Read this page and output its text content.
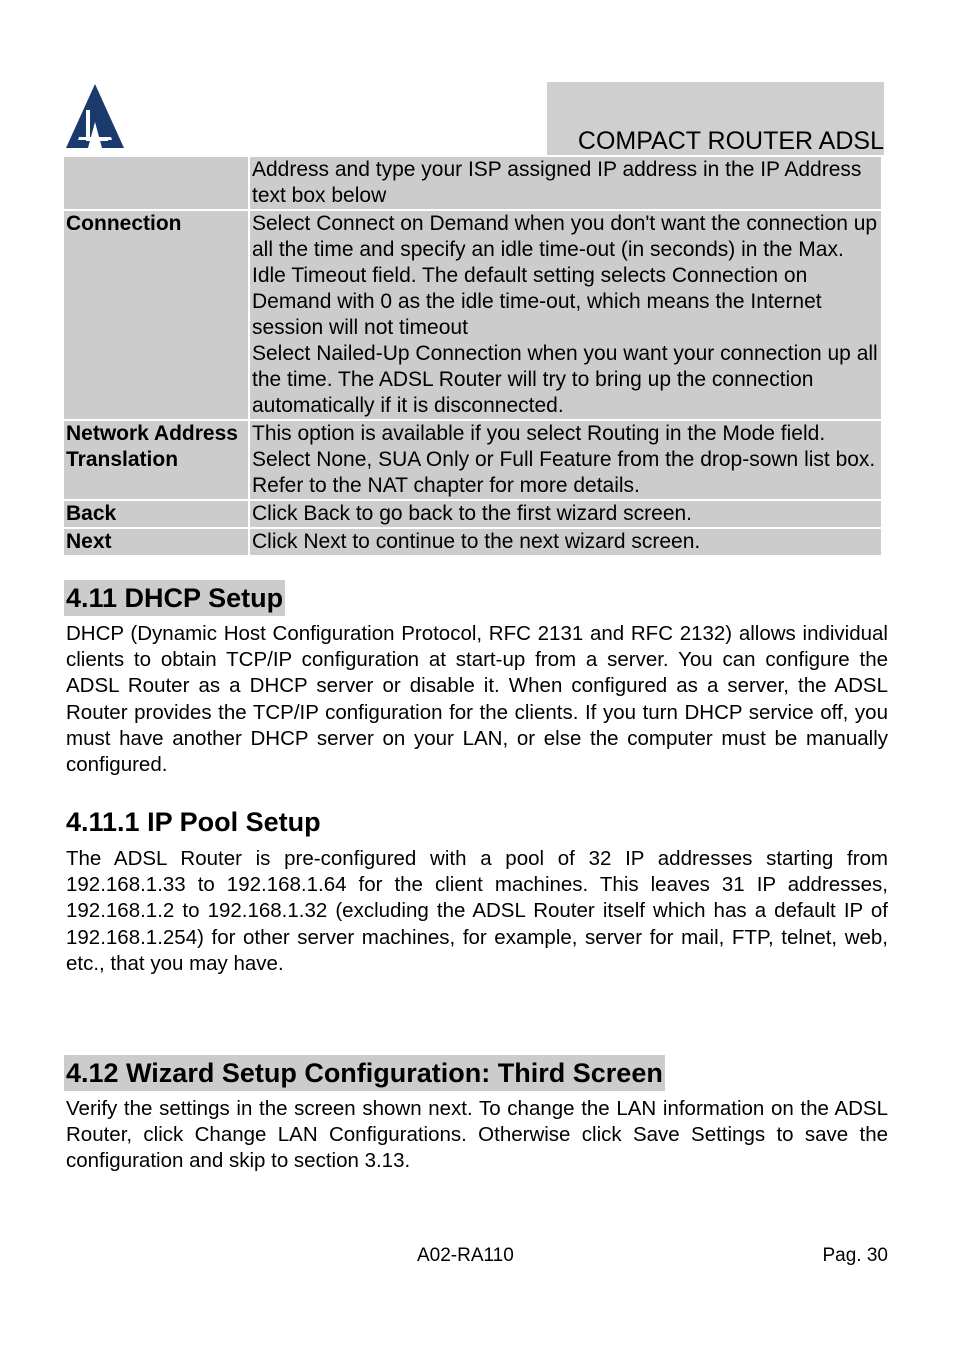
COMPACT ROUTER ADSL
	Address and type your ISP assigned IP address in the IP Address text box below
Connection	Select Connect on Demand when you don't want the connection up all the time and specify an idle time-out (in seconds) in the Max. Idle Timeout field. The default setting selects Connection on Demand with 0 as the idle time-out, which means the Internet session will not timeout
Select Nailed-Up Connection when you want your connection up all the time. The ADSL Router will try to bring up the connection automatically if it is disconnected.
Network Address Translation	This option is available if you select Routing in the Mode field. Select None, SUA Only or Full Feature from the drop-sown list box. Refer to the NAT chapter for more details.
Back	Click Back to go back to the first wizard screen.
Next	Click Next to continue to the next wizard screen.
4.11 DHCP Setup
DHCP (Dynamic Host Configuration Protocol, RFC 2131 and RFC 2132) allows individual clients to obtain TCP/IP configuration at start-up from a server. You can configure the ADSL Router as a DHCP server or disable it. When configured as a server, the ADSL Router provides the TCP/IP configuration for the clients. If you turn DHCP service off, you must have another DHCP server on your LAN, or else the computer must be manually configured.
4.11.1 IP Pool Setup
The ADSL Router is pre-configured with a pool of 32 IP addresses starting from 192.168.1.33 to 192.168.1.64 for the client machines. This leaves 31 IP addresses, 192.168.1.2 to 192.168.1.32 (excluding the ADSL Router itself which has a default IP of 192.168.1.254) for other server machines, for example, server for mail, FTP, telnet, web, etc., that you may have.
4.12 Wizard Setup Configuration: Third Screen
Verify the settings in the screen shown next. To change the LAN information on the ADSL Router, click Change LAN Configurations. Otherwise click Save Settings to save the configuration and skip to section 3.13.
A02-RA110	Pag. 30
